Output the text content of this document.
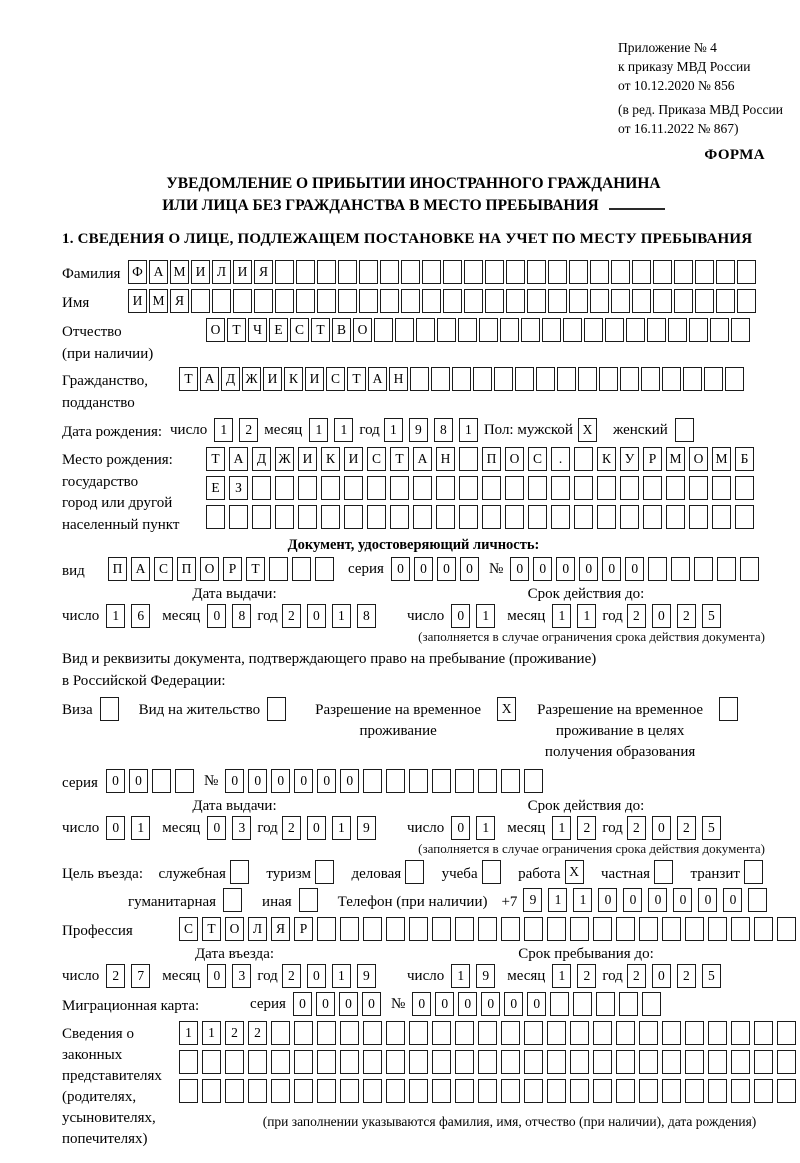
Приложение № 4
к приказу МВД России
от 10.12.2020 № 856
(в ред. Приказа МВД России
от 16.11.2022 № 867)
ФОРМА
УВЕДОМЛЕНИЕ О ПРИБЫТИИ ИНОСТРАННОГО ГРАЖДАНИНА
ИЛИ ЛИЦА БЕЗ ГРАЖДАНСТВА В МЕСТО ПРЕБЫВАНИЯ
1. СВЕДЕНИЯ О ЛИЦЕ, ПОДЛЕЖАЩЕМ ПОСТАНОВКЕ НА УЧЕТ ПО МЕСТУ ПРЕБЫВАНИЯ
Фамилия Ф А М И Л И Я
Имя	И М Я
Отчество
(при наличии)
О Т Ч Е С Т В О
Гражданство,
подданство
Т А Д Ж И К И С Т А Н
Дата рождения: число 1	2 месяц 1	1 год 1	9	8	1 Пол: мужской X	женский
Место рождения:
государство
город или другой
населенный пункт
Т	А	Д Ж И	К	И	С	Т	А Н	П О	С	.	К	У	Р М О М Б

Е	З

Документ, удостоверяющий личность:
вид	П А	С	П О	Р	Т	серия 0	0	0	0	№ 0	0	0	0	0	0
Дата выдачи:	Срок действия до:
число 1	6	месяц 0	8 год 2	0	1	8	число 0	1	месяц 1	1 год 2	0	2	5
(заполняется в случае ограничения срока действия документа)
Вид и реквизиты документа, подтверждающего право на пребывание (проживание)
в Российской Федерации:
Виза	Вид на жительство	Разрешение на временное проживание
X	Разрешение на временное проживание в целях получения образования
серия	0	0	№ 0	0	0	0	0	0
Дата выдачи:	Срок действия до:
число 0	1	месяц 0	3 год 2	0	1	9	число 0	1	месяц 1	2 год 2	0	2	5
(заполняется в случае ограничения срока действия документа)
Цель въезда: служебная	туризм	деловая	учеба	работа X	частная	транзит
гуманитарная	иная	Телефон (при наличии) +7 9	1	1	0	0	0	0	0	0
Профессия	С	Т	О	Л	Я	Р
Дата въезда:	Срок пребывания до:
число 2	7	месяц 0	3 год 2	0	1	9	число 1	9	месяц 1	2 год 2	0	2	5
Миграционная карта:	серия 0	0	0	0	№ 0	0	0	0	0	0
Сведения о
законных
представителях
(родителях,
усыновителях,
попечителях)
1	1	2	2

(при заполнении указываются фамилия, имя, отчество (при наличии), дата рождения)
